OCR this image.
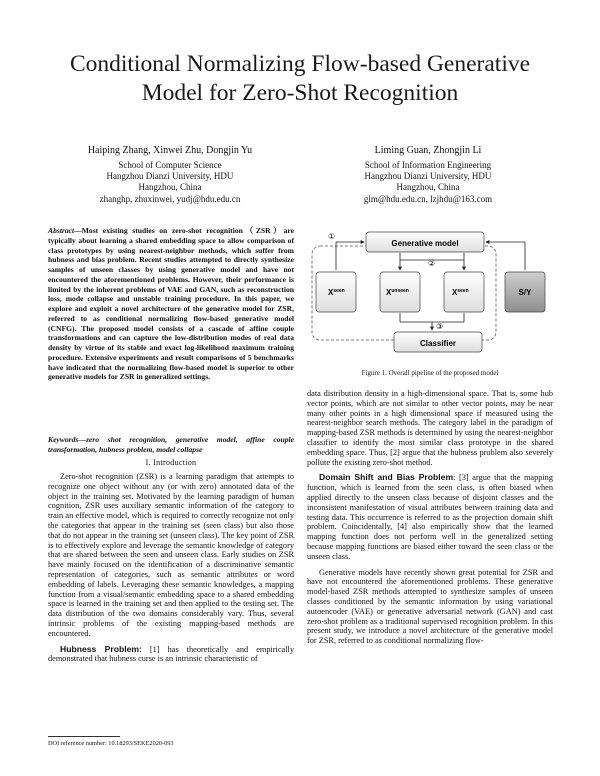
Conditional Normalizing Flow-based Generative
Model for Zero-Shot Recognition
Haiping Zhang, Xinwei Zhu, Dongjin Yu
School of Computer Science
Hangzhou Dianzi University, HDU
Hangzhou, China
zhanghp, zhuxinwei, yudj@hdu.edu.cn
Liming Guan, Zhongjin Li
School of Information Engineering
Hangzhou Dianzi University, HDU
Hangzhou, China
glm@hdu.edu.cn, lzjhdu@163.com
Abstract—Most existing studies on zero-shot recognition（ZSR）are typically about learning a shared embedding space to allow comparison of class prototypes by using nearest-neighbor methods, which suffer from hubness and bias problem. Recent studies attempted to directly synthesize samples of unseen classes by using generative model and have not encountered the aforementioned problems. However, their performance is limited by the inherent problems of VAE and GAN, such as reconstruction loss, mode collapse and unstable training procedure. In this paper, we explore and exploit a novel architecture of the generative model for ZSR, referred to as conditional normalizing flow-based generative model (CNFG). The proposed model consists of a cascade of affine couple transformations and can capture the low-distribution modes of real data density by virtue of its stable and exact log-likelihood maximum training procedure. Extensive experiments and result comparisons of 5 benchmarks have indicated that the normalizing flow-based model is superior to other generative models for ZSR in generalized settings.
Keywords—zero shot recognition, generative model, affine couple transformation, hubness problem, model collapse
I. Introduction

Zero-shot recognition (ZSR) is a learning paradigm that attempts to recognize one object without any (or with zero) annotated data of the object in the training set. Motivated by the learning paradigm of human cognition, ZSR uses auxiliary semantic information of the category to train an effective model, which is required to correctly recognize not only the categories that appear in the training set (seen class) but also those that do not appear in the training set (unseen class). The key point of ZSR is to effectively explore and leverage the semantic knowledge of category that are shared between the seen and unseen class. Early studies on ZSR have mainly focused on the identification of a discriminative semantic representation of categories, such as semantic attributes or word embedding of labels. Leveraging these semantic knowledges, a mapping function from a visual/semantic embedding space to a shared embedding space is learned in the training set and then applied to the testing set. The data distribution of the two domains considerably vary. Thus, several intrinsic problems of the existing mapping-based methods are encountered.

Hubness Problem: [1] has theoretically and empirically demonstrated that hubness curse is an intrinsic characteristic of

Generative model
$X^{seen}$	$X^{unseen}$	$X^{seen}$	S/Y
Classifier
①
②
③
Figure 1. Overall pipeline of the proposed model

data distribution density in a high-dimensional space. That is, some hub vector points, which are not similar to other vector points, may be near many other points in a high dimensional space if measured using the nearest-neighbor search methods. The category label in the paradigm of mapping-based ZSR methods is determined by using the nearest-neighbor classifier to identify the most similar class prototype in the shared embedding space. Thus, [2] argue that the hubness problem also severely pollute the existing zero-shot method.

Domain Shift and Bias Problem: [3] argue that the mapping function, which is learned from the seen class, is often biased when applied directly to the unseen class because of disjoint classes and the inconsistent manifestation of visual attributes between training data and testing data. This occurrence is referred to as the projection domain shift problem. Coincidentally, [4] also empirically show that the learned mapping function does not perform well in the generalized setting because mapping functions are biased either toward the seen class or the unseen class.

Generative models have recently shown great potential for ZSR and have not encountered the aforementioned problems. These generative model-based ZSR methods attempted to synthesize samples of unseen classes conditioned by the semantic information by using variational autoencoder (VAE) or generative adversarial network (GAN) and cast zero-shot problem as a traditional supervised recognition problem. In this present study, we introduce a novel architecture of the generative model for ZSR, referred to as conditional normalizing flow-

DOI reference number: 10.18293/SEKE2020-093
